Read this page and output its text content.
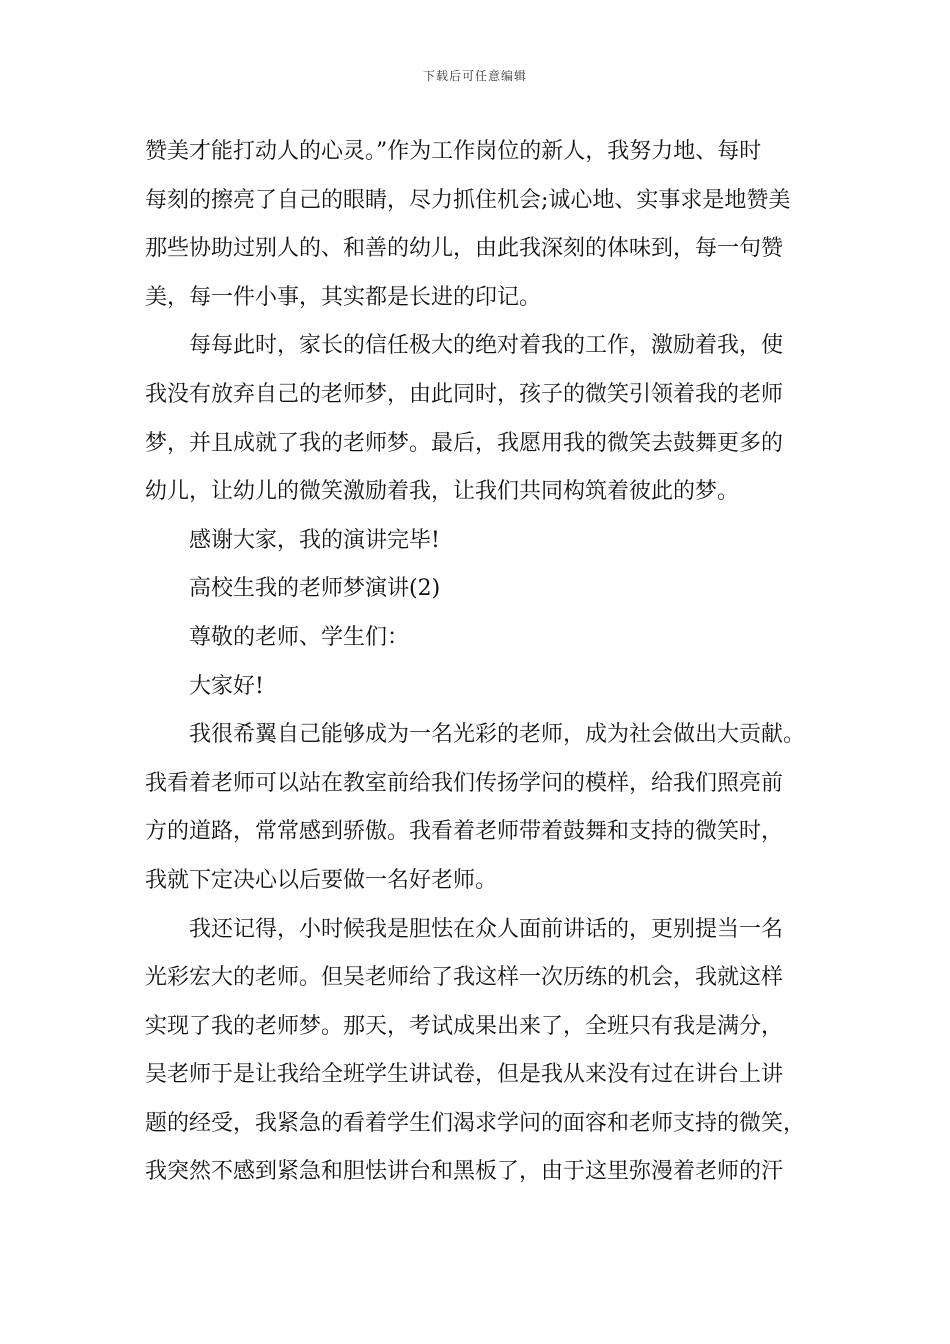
下载后可任意编辑
赞美才能打动人的心灵。”作为工作岗位的新人，我努力地、每时
每刻的擦亮了自己的眼睛，尽力抓住机会;诚心地、实事求是地赞美
那些协助过别人的、和善的幼儿，由此我深刻的体味到，每一句赞
美，每一件小事，其实都是长进的印记。
每每此时，家长的信任极大的绝对着我的工作，激励着我，使
我没有放弃自己的老师梦，由此同时，孩子的微笑引领着我的老师
梦，并且成就了我的老师梦。最后，我愿用我的微笑去鼓舞更多的
幼儿，让幼儿的微笑激励着我，让我们共同构筑着彼此的梦。
感谢大家，我的演讲完毕!
高校生我的老师梦演讲(2)
尊敬的老师、学生们：
大家好!
我很希翼自己能够成为一名光彩的老师，成为社会做出大贡献。
我看着老师可以站在教室前给我们传扬学问的模样，给我们照亮前
方的道路，常常感到骄傲。我看着老师带着鼓舞和支持的微笑时，
我就下定决心以后要做一名好老师。
我还记得，小时候我是胆怯在众人面前讲话的，更别提当一名
光彩宏大的老师。但吴老师给了我这样一次历练的机会，我就这样
实现了我的老师梦。那天，考试成果出来了，全班只有我是满分，
吴老师于是让我给全班学生讲试卷，但是我从来没有过在讲台上讲
题的经受，我紧急的看着学生们渴求学问的面容和老师支持的微笑，
我突然不感到紧急和胆怯讲台和黑板了，由于这里弥漫着老师的汗
